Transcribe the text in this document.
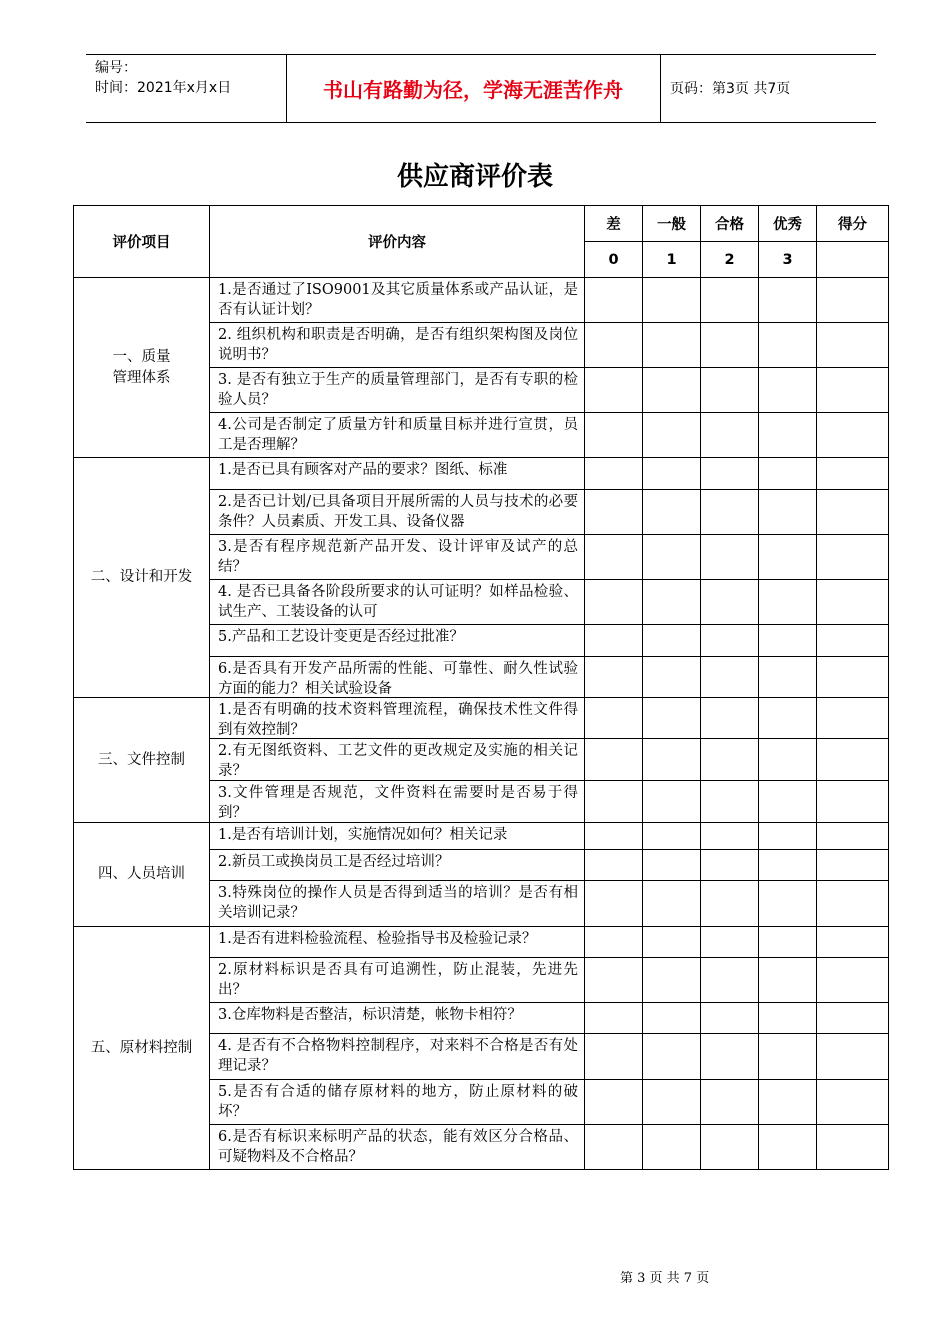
编号：
时间：2021年x月x日	书山有路勤为径，学海无涯苦作舟	页码：第3页 共7页
供应商评价表
评价项目	评价内容	差	一般	合格	优秀	得分
		0	1	2	3	
一、质量
管理体系	1.是否通过了ISO9001及其它质量体系或产品认证，是否有认证计划？					

	2. 组织机构和职责是否明确，是否有组织架构图及岗位说明书？					

	3. 是否有独立于生产的质量管理部门，是否有专职的检验人员？					

	4.公司是否制定了质量方针和质量目标并进行宣贯，员工是否理解？					

二、设计和开发	1.是否已具有顾客对产品的要求？图纸、标准					

	2.是否已计划/已具备项目开展所需的人员与技术的必要条件？人员素质、开发工具、设备仪器					

	3.是否有程序规范新产品开发、设计评审及试产的总结？					

	4. 是否已具备各阶段所要求的认可证明？如样品检验、试生产、工装设备的认可					

	5.产品和工艺设计变更是否经过批准？					

	6.是否具有开发产品所需的性能、可靠性、耐久性试验方面的能力？相关试验设备					

三、文件控制	1.是否有明确的技术资料管理流程，确保技术性文件得到有效控制？					

	2.有无图纸资料、工艺文件的更改规定及实施的相关记录？					

	3.文件管理是否规范，文件资料在需要时是否易于得到？					

四、人员培训	1.是否有培训计划，实施情况如何？相关记录					

	2.新员工或换岗员工是否经过培训？					

	3.特殊岗位的操作人员是否得到适当的培训？是否有相关培训记录？					

五、原材料控制	1.是否有进料检验流程、检验指导书及检验记录？					

	2.原材料标识是否具有可追溯性，防止混装，先进先出？					

	3.仓库物料是否整洁，标识清楚，帐物卡相符？					

	4. 是否有不合格物料控制程序，对来料不合格是否有处理记录？					

	5.是否有合适的储存原材料的地方，防止原材料的破坏？					

	6.是否有标识来标明产品的状态，能有效区分合格品、可疑物料及不合格品？					

第 3 页 共 7 页
